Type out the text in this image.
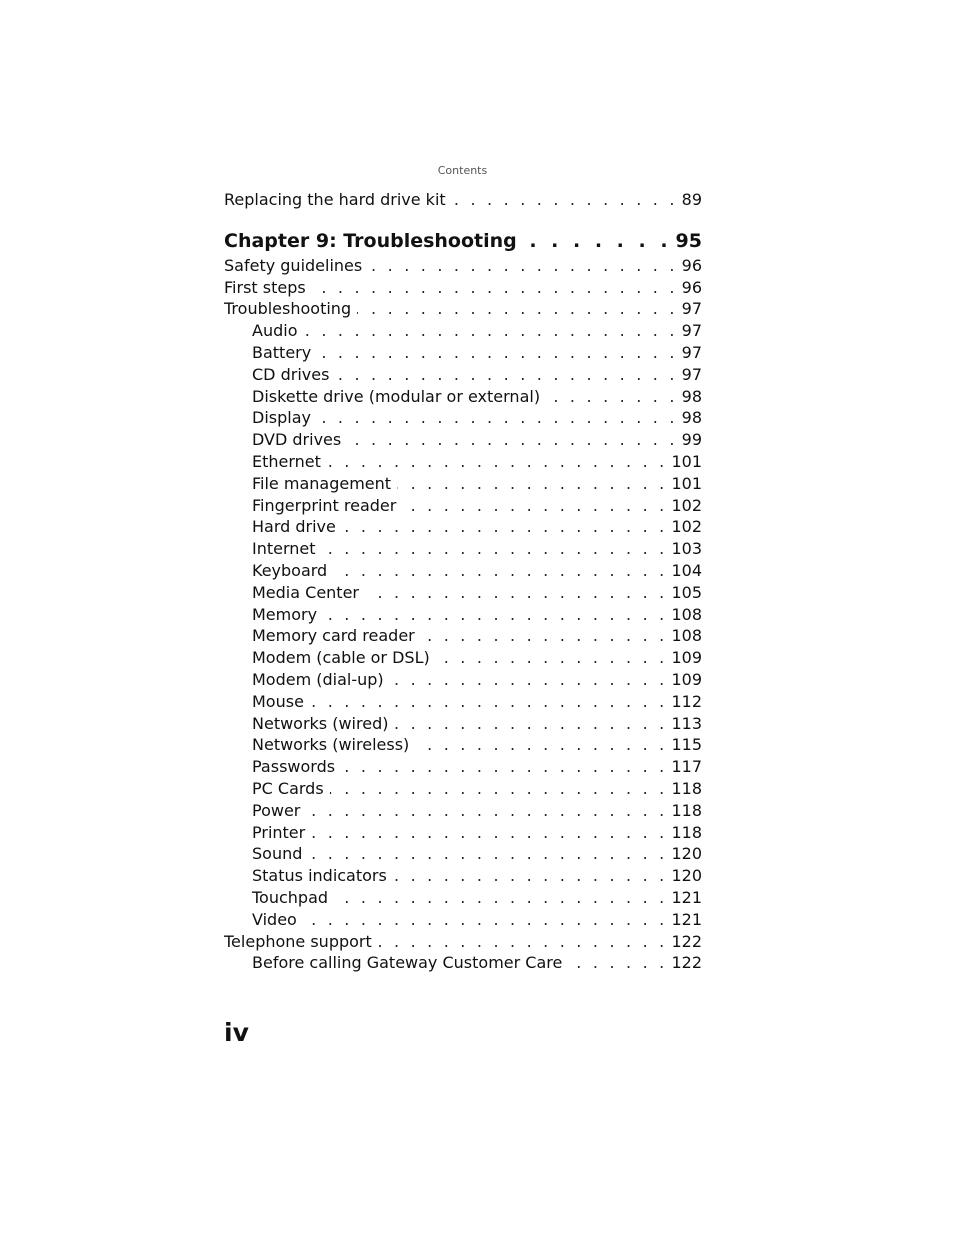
Contents
Replacing the hard drive kit . . .	89
Chapter 9: Troubleshooting . . .	95
Safety guidelines . . .	96
First steps . . .	96
Troubleshooting . . .	97
Audio . . .	97
Battery . . .	97
CD drives . . .	97
Diskette drive (modular or external) . . .	98
Display . . .	98
DVD drives . . .	99
Ethernet . . .	101
File management . . .	101
Fingerprint reader . . .	102
Hard drive . . .	102
Internet . . .	103
Keyboard . . .	104
Media Center . . .	105
Memory . . .	108
Memory card reader . . .	108
Modem (cable or DSL) . . .	109
Modem (dial-up) . . .	109
Mouse . . .	112
Networks (wired) . . .	113
Networks (wireless) . . .	115
Passwords . . .	117
PC Cards . . .	118
Power . . .	118
Printer . . .	118
Sound . . .	120
Status indicators . . .	120
Touchpad . . .	121
Video . . .	121
Telephone support . . .	122
Before calling Gateway Customer Care . . .	122
iv
